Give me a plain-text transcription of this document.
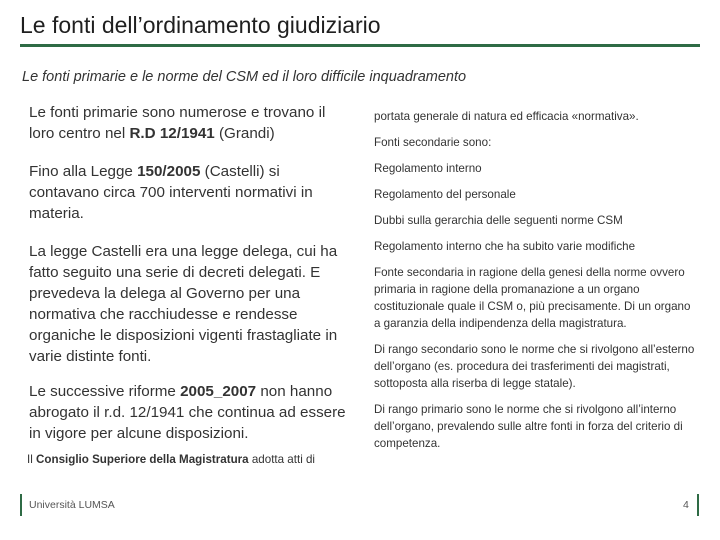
Le fonti dell’ordinamento giudiziario
Le fonti primarie e le norme del CSM ed il loro difficile inquadramento

Le fonti primarie sono numerose e trovano il loro centro nel R.D 12/1941 (Grandi)

Fino alla Legge 150/2005 (Castelli) si contavano circa 700 interventi normativi in materia.

La legge Castelli era una legge delega, cui ha fatto seguito una serie di decreti delegati. E prevedeva la delega al Governo per una normativa che racchiudesse e rendesse organiche le disposizioni vigenti frastagliate in varie distinte fonti.

Le successive riforme 2005_2007 non hanno abrogato il r.d. 12/1941 che continua ad essere in vigore per alcune disposizioni.

portata generale di natura ed efficacia «normativa».

Fonti secondarie sono:

Regolamento interno

Regolamento del personale

Dubbi sulla gerarchia delle seguenti norme CSM

Regolamento interno che ha subito varie modifiche

Fonte secondaria in ragione della genesi della norme ovvero primaria in ragione della promanazione a un organo costituzionale quale il CSM o, più precisamente. Di un organo a garanzia della indipendenza della magistratura.

Di rango secondario sono le norme che si rivolgono all’esterno dell’organo (es. procedura dei trasferimenti dei magistrati, sottoposta alla riserba di legge statale).

Di rango primario sono le norme che si rivolgono all’interno dell’organo, prevalendo sulle altre fonti in forza del criterio di competenza.

Il Consiglio Superiore della Magistratura adotta atti di
Università LUMSA	4
